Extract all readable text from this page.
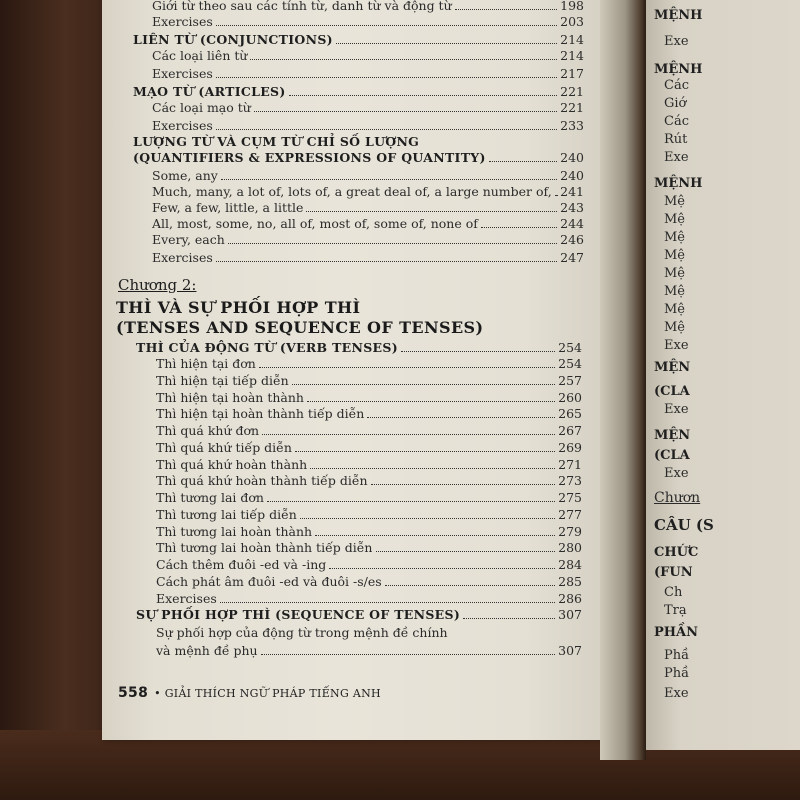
MỆNH
Exe
MỆNH
Các
Giớ
Các
Rút
Exe
MỆNH
Mệ
Mệ
Mệ
Mệ
Mệ
Mệ
Mệ
Mệ
Exe
MỆN
(CLA
Exe
MỆN
(CLA
Exe
Chươn
CÂU (S
CHỨC
(FUN
Ch
Trạ
PHẦN
Phầ
Phầ
Exe
Giới từ theo sau các tính từ, danh từ và động từ	198
Exercises	203
LIÊN TỪ (CONJUNCTIONS)	214
Các loại liên từ	214
Exercises	217
MẠO TỪ (ARTICLES)	221
Các loại mạo từ	221
Exercises	233
LƯỢNG TỪ VÀ CỤM TỪ CHỈ SỐ LƯỢNG
(QUANTIFIERS & EXPRESSIONS OF QUANTITY)	240
Some, any	240
Much, many, a lot of, lots of, a great deal of, a large number of, 241
Few, a few, little, a little	243
All, most, some, no, all of, most of, some of, none of	244
Every, each	246
Exercises	247
Chương 2:
THÌ VÀ SỰ PHỐI HỢP THÌ
(TENSES AND SEQUENCE OF TENSES)
THÌ CỦA ĐỘNG TỪ (VERB TENSES)	254
Thì hiện tại đơn	254
Thì hiện tại tiếp diễn	257
Thì hiện tại hoàn thành	260
Thì hiện tại hoàn thành tiếp diễn	265
Thì quá khứ đơn	267
Thì quá khứ tiếp diễn	269
Thì quá khứ hoàn thành	271
Thì quá khứ hoàn thành tiếp diễn	273
Thì tương lai đơn	275
Thì tương lai tiếp diễn	277
Thì tương lai hoàn thành	279
Thì tương lai hoàn thành tiếp diễn	280
Cách thêm đuôi -ed và -ing	284
Cách phát âm đuôi -ed và đuôi -s/es	285
Exercises	286
SỰ PHỐI HỢP THÌ (SEQUENCE OF TENSES)	307
Sự phối hợp của động từ trong mệnh đề chính
và mệnh đề phụ	307
558 • GIẢI THÍCH NGỮ PHÁP TIẾNG ANH
